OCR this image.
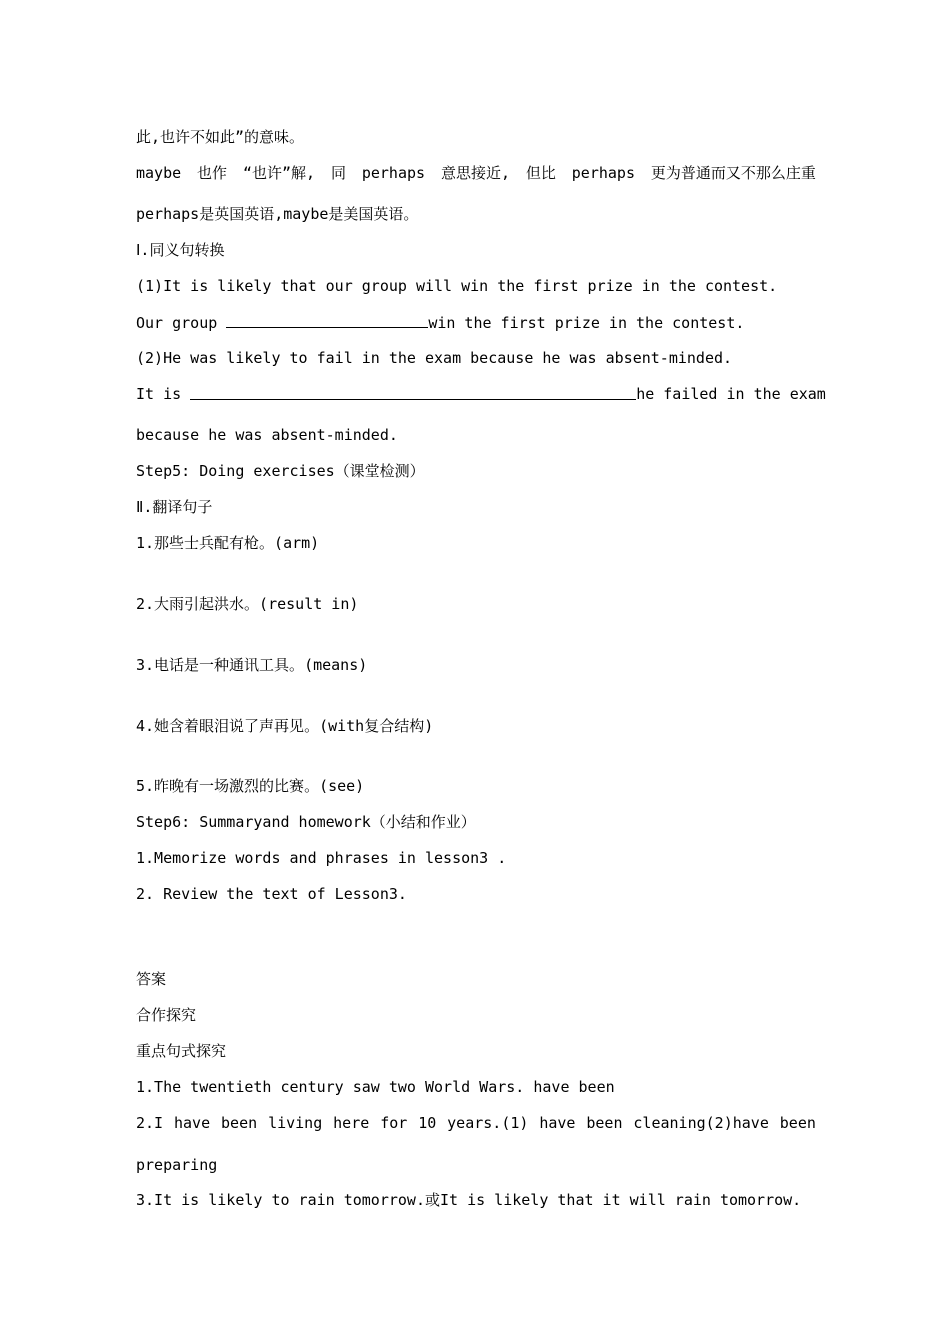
此,也许不如此”的意味。
maybe 也作 “也许”解, 同 perhaps 意思接近, 但比 perhaps 更为普通而又不那么庄重
perhaps是英国英语,maybe是美国英语。
Ⅰ.同义句转换
(1)It is likely that our group will win the first prize in the contest.
Our group	win the first prize in the contest.
(2)He was likely to fail in the exam because he was absent-minded.
It is	he failed in the exam
because he was absent-minded.
Step5: Doing exercises（课堂检测）
Ⅱ.翻译句子
1.那些士兵配有枪。(arm)
2.大雨引起洪水。(result in)
3.电话是一种通讯工具。(means)
4.她含着眼泪说了声再见。(with复合结构)
5.昨晚有一场激烈的比赛。(see)
Step6: Summaryand homework（小结和作业）
1.Memorize words and phrases in lesson3 .
2. Review the text of Lesson3.
答案
合作探究
重点句式探究
1.The twentieth century saw two World Wars. have been
2.I have been living here for 10 years.(1) have been cleaning(2)have been
preparing
3.It is likely to rain tomorrow.或It is likely that it will rain tomorrow.
